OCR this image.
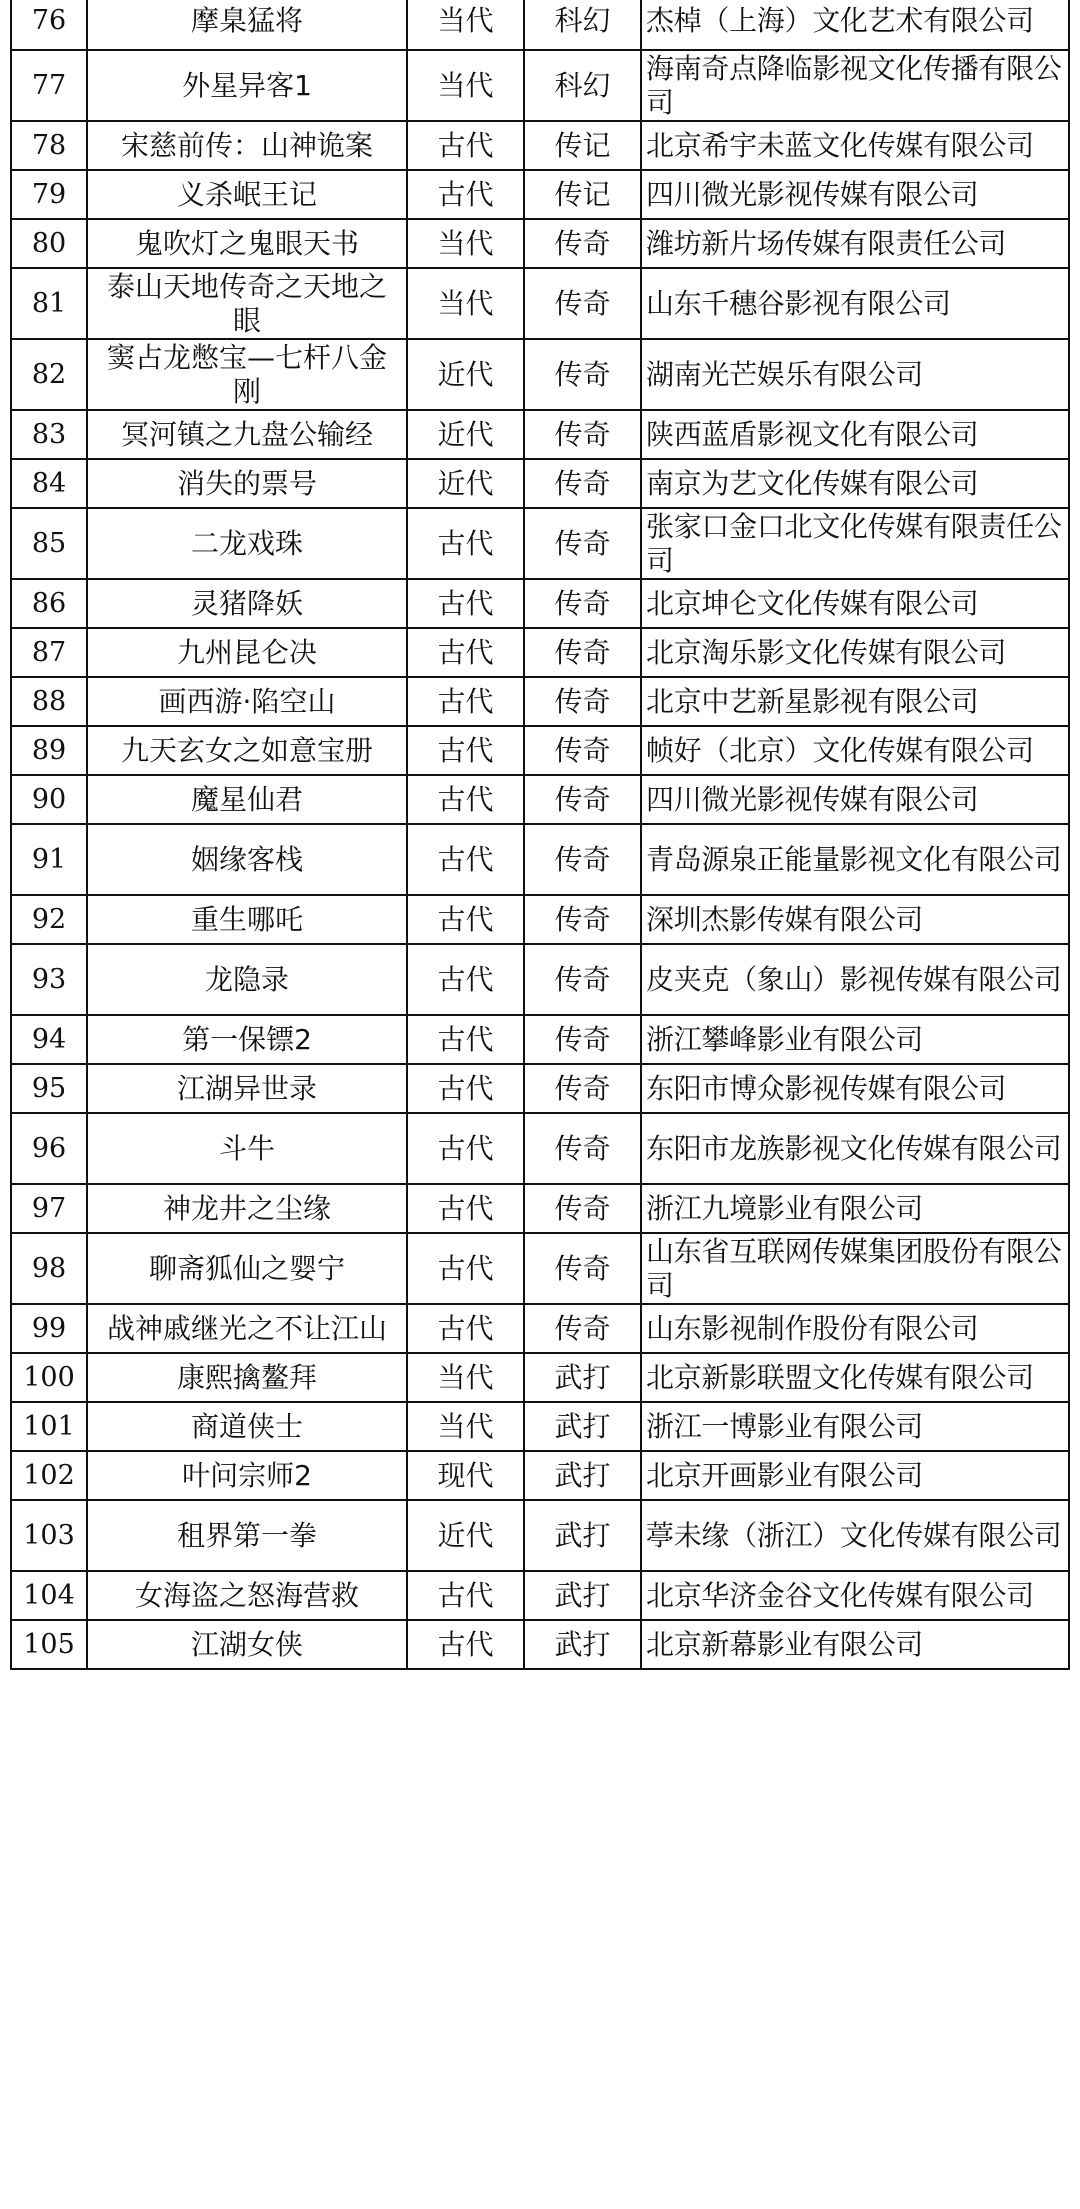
76	摩臬猛将	当代	科幻	杰棹（上海）文化艺术有限公司
77	外星异客1	当代	科幻	海南奇点降临影视文化传播有限公司
78	宋慈前传：山神诡案	古代	传记	北京希宇未蓝文化传媒有限公司
79	义杀岷王记	古代	传记	四川微光影视传媒有限公司
80	鬼吹灯之鬼眼天书	当代	传奇	潍坊新片场传媒有限责任公司
81	泰山天地传奇之天地之眼	当代	传奇	山东千穗谷影视有限公司
82	窦占龙憋宝—七杆八金刚	近代	传奇	湖南光芒娱乐有限公司
83	冥河镇之九盘公输经	近代	传奇	陕西蓝盾影视文化有限公司
84	消失的票号	近代	传奇	南京为艺文化传媒有限公司
85	二龙戏珠	古代	传奇	张家口金口北文化传媒有限责任公司
86	灵猪降妖	古代	传奇	北京坤仑文化传媒有限公司
87	九州昆仑决	古代	传奇	北京淘乐影文化传媒有限公司
88	画西游·陷空山	古代	传奇	北京中艺新星影视有限公司
89	九天玄女之如意宝册	古代	传奇	帧好（北京）文化传媒有限公司
90	魔星仙君	古代	传奇	四川微光影视传媒有限公司
91	姻缘客栈	古代	传奇	青岛源泉正能量影视文化有限公司
92	重生哪吒	古代	传奇	深圳杰影传媒有限公司
93	龙隐录	古代	传奇	皮夹克（象山）影视传媒有限公司
94	第一保镖2	古代	传奇	浙江攀峰影业有限公司
95	江湖异世录	古代	传奇	东阳市博众影视传媒有限公司
96	斗牛	古代	传奇	东阳市龙族影视文化传媒有限公司
97	神龙井之尘缘	古代	传奇	浙江九境影业有限公司
98	聊斋狐仙之婴宁	古代	传奇	山东省互联网传媒集团股份有限公司
99	战神戚继光之不让江山	古代	传奇	山东影视制作股份有限公司
100	康熙擒鳌拜	当代	武打	北京新影联盟文化传媒有限公司
101	商道侠士	当代	武打	浙江一博影业有限公司
102	叶问宗师2	现代	武打	北京开画影业有限公司
103	租界第一拳	近代	武打	葶未缘（浙江）文化传媒有限公司
104	女海盗之怒海营救	古代	武打	北京华济金谷文化传媒有限公司
105	江湖女侠	古代	武打	北京新幕影业有限公司
